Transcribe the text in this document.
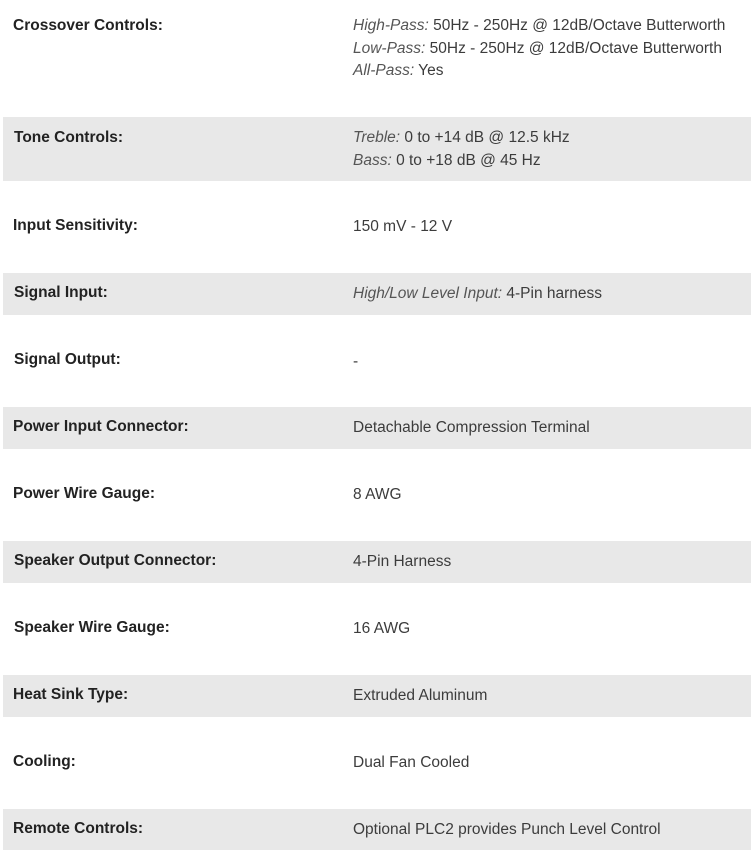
Crossover Controls:	High-Pass: 50Hz - 250Hz @ 12dB/Octave Butterworth
Low-Pass: 50Hz - 250Hz @ 12dB/Octave Butterworth
All-Pass: Yes
Tone Controls:	Treble: 0 to +14 dB @ 12.5 kHz
Bass: 0 to +18 dB @ 45 Hz
Input Sensitivity:	150 mV - 12 V
Signal Input:	High/Low Level Input: 4-Pin harness
Signal Output:	-
Power Input Connector:	Detachable Compression Terminal
Power Wire Gauge:	8 AWG
Speaker Output Connector:	4-Pin Harness
Speaker Wire Gauge:	16 AWG
Heat Sink Type:	Extruded Aluminum
Cooling:	Dual Fan Cooled
Remote Controls:	Optional PLC2 provides Punch Level Control
